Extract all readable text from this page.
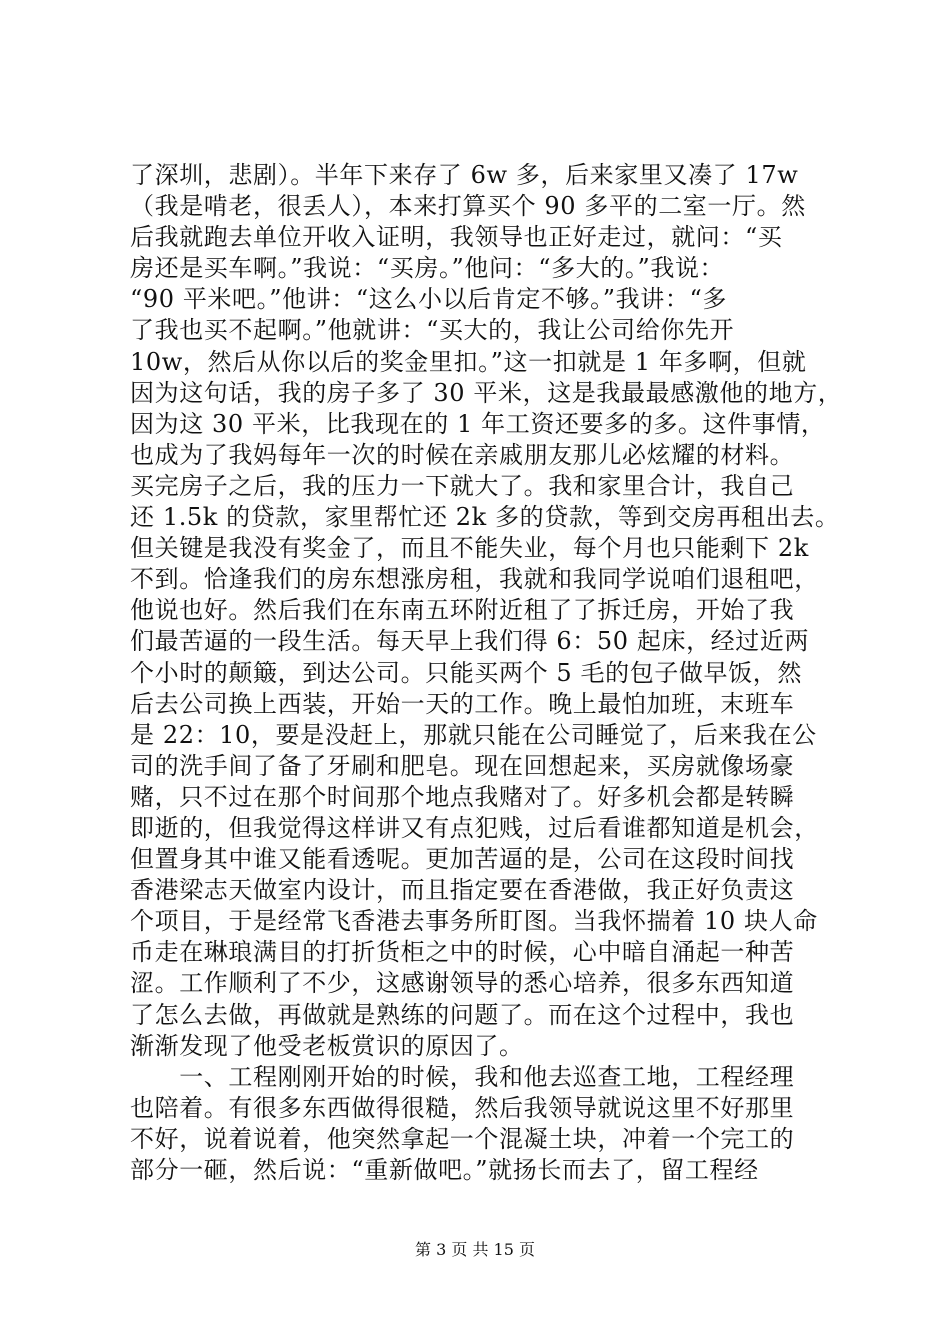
了深圳，悲剧）。半年下来存了 6w 多，后来家里又凑了 17w
（我是啃老，很丢人），本来打算买个 90 多平的二室一厅。然
后我就跑去单位开收入证明，我领导也正好走过，就问：“买
房还是买车啊。”我说：“买房。”他问：“多大的。”我说：
“90 平米吧。”他讲：“这么小以后肯定不够。”我讲：“多
了我也买不起啊。”他就讲：“买大的，我让公司给你先开
10w，然后从你以后的奖金里扣。”这一扣就是 1 年多啊，但就
因为这句话，我的房子多了 30 平米，这是我最最感激他的地方，
因为这 30 平米，比我现在的 1 年工资还要多的多。这件事情，
也成为了我妈每年一次的时候在亲戚朋友那儿必炫耀的材料。
买完房子之后，我的压力一下就大了。我和家里合计，我自己
还 1.5k 的贷款，家里帮忙还 2k 多的贷款，等到交房再租出去。
但关键是我没有奖金了，而且不能失业，每个月也只能剩下 2k
不到。恰逢我们的房东想涨房租，我就和我同学说咱们退租吧，
他说也好。然后我们在东南五环附近租了了拆迁房，开始了我
们最苦逼的一段生活。每天早上我们得 6：50 起床，经过近两
个小时的颠簸，到达公司。只能买两个 5 毛的包子做早饭，然
后去公司换上西装，开始一天的工作。晚上最怕加班，末班车
是 22：10，要是没赶上，那就只能在公司睡觉了，后来我在公
司的洗手间了备了牙刷和肥皂。现在回想起来，买房就像场豪
赌，只不过在那个时间那个地点我赌对了。好多机会都是转瞬
即逝的，但我觉得这样讲又有点犯贱，过后看谁都知道是机会，
但置身其中谁又能看透呢。更加苦逼的是，公司在这段时间找
香港梁志天做室内设计，而且指定要在香港做，我正好负责这
个项目，于是经常飞香港去事务所盯图。当我怀揣着 10 块人命
币走在琳琅满目的打折货柜之中的时候，心中暗自涌起一种苦
涩。工作顺利了不少，这感谢领导的悉心培养，很多东西知道
了怎么去做，再做就是熟练的问题了。而在这个过程中，我也
渐渐发现了他受老板赏识的原因了。
　　一、工程刚刚开始的时候，我和他去巡查工地，工程经理
也陪着。有很多东西做得很糙，然后我领导就说这里不好那里
不好，说着说着，他突然拿起一个混凝土块，冲着一个完工的
部分一砸，然后说：“重新做吧。”就扬长而去了，留工程经
第 3 页 共 15 页
